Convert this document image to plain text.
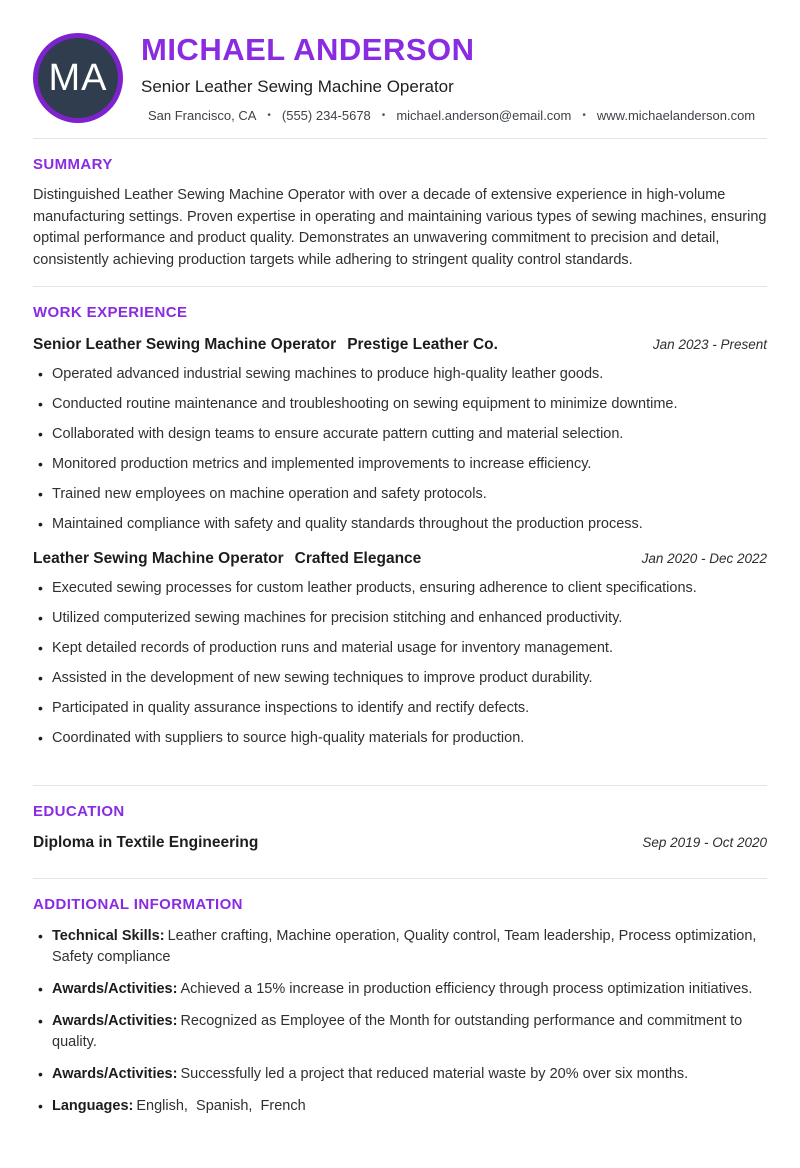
MA
MICHAEL ANDERSON
Senior Leather Sewing Machine Operator
San Francisco, CA • (555) 234-5678 • michael.anderson@email.com • www.michaelanderson.com
SUMMARY

Distinguished Leather Sewing Machine Operator with over a decade of extensive experience in high-volume manufacturing settings. Proven expertise in operating and maintaining various types of sewing machines, ensuring optimal performance and product quality. Demonstrates an unwavering commitment to precision and detail, consistently achieving production targets while adhering to stringent quality control standards.

WORK EXPERIENCE
Senior Leather Sewing Machine Operator Prestige Leather Co.	Jan 2023 - Present
• Operated advanced industrial sewing machines to produce high-quality leather goods.
• Conducted routine maintenance and troubleshooting on sewing equipment to minimize downtime.
• Collaborated with design teams to ensure accurate pattern cutting and material selection.
• Monitored production metrics and implemented improvements to increase efficiency.
• Trained new employees on machine operation and safety protocols.
• Maintained compliance with safety and quality standards throughout the production process.
Leather Sewing Machine Operator Crafted Elegance	Jan 2020 - Dec 2022
• Executed sewing processes for custom leather products, ensuring adherence to client specifications.
• Utilized computerized sewing machines for precision stitching and enhanced productivity.
• Kept detailed records of production runs and material usage for inventory management.
• Assisted in the development of new sewing techniques to improve product durability.
• Participated in quality assurance inspections to identify and rectify defects.
• Coordinated with suppliers to source high-quality materials for production.
EDUCATION
Diploma in Textile Engineering	Sep 2019 - Oct 2020
ADDITIONAL INFORMATION
• Technical Skills: Leather crafting, Machine operation, Quality control, Team leadership, Process optimization, Safety compliance
• Awards/Activities: Achieved a 15% increase in production efficiency through process optimization initiatives.
• Awards/Activities: Recognized as Employee of the Month for outstanding performance and commitment to quality.
• Awards/Activities: Successfully led a project that reduced material waste by 20% over six months.
• Languages: English,  Spanish,  French
